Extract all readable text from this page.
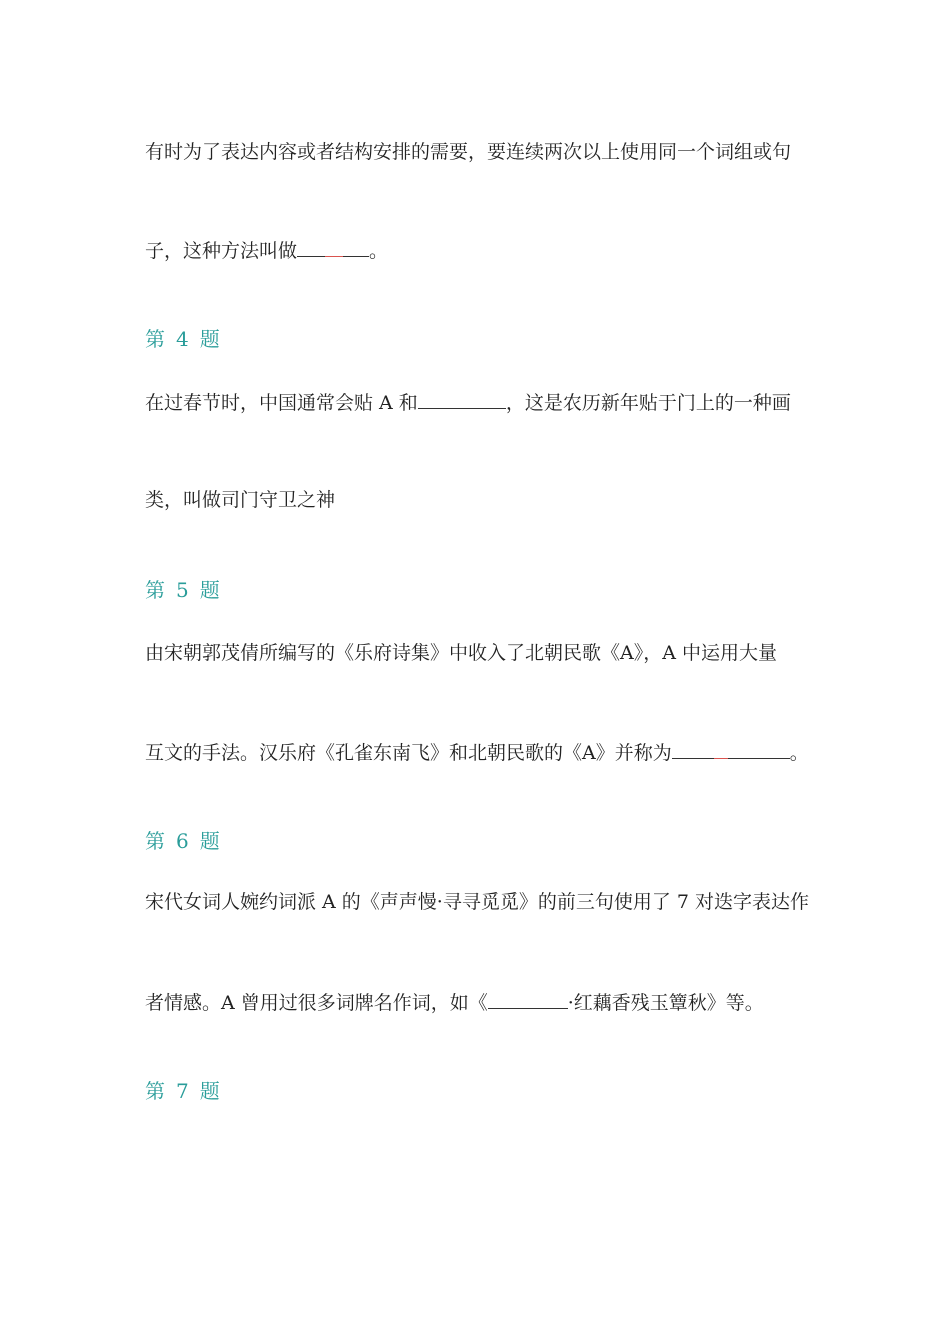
有时为了表达内容或者结构安排的需要，要连续两次以上使用同一个词组或句
子，这种方法叫做	。
第 4 题
在过春节时，中国通常会贴 A 和	，这是农历新年贴于门上的一种画
类，叫做司门守卫之神
第 5 题
由宋朝郭茂倩所编写的《乐府诗集》中收入了北朝民歌《A》，A 中运用大量
互文的手法。汉乐府《孔雀东南飞》和北朝民歌的《A》并称为	。
第 6 题
宋代女词人婉约词派 A 的《声声慢·寻寻觅觅》的前三句使用了 7 对迭字表达作
者情感。A 曾用过很多词牌名作词，如《	·红藕香残玉簟秋》等。
第 7 题
